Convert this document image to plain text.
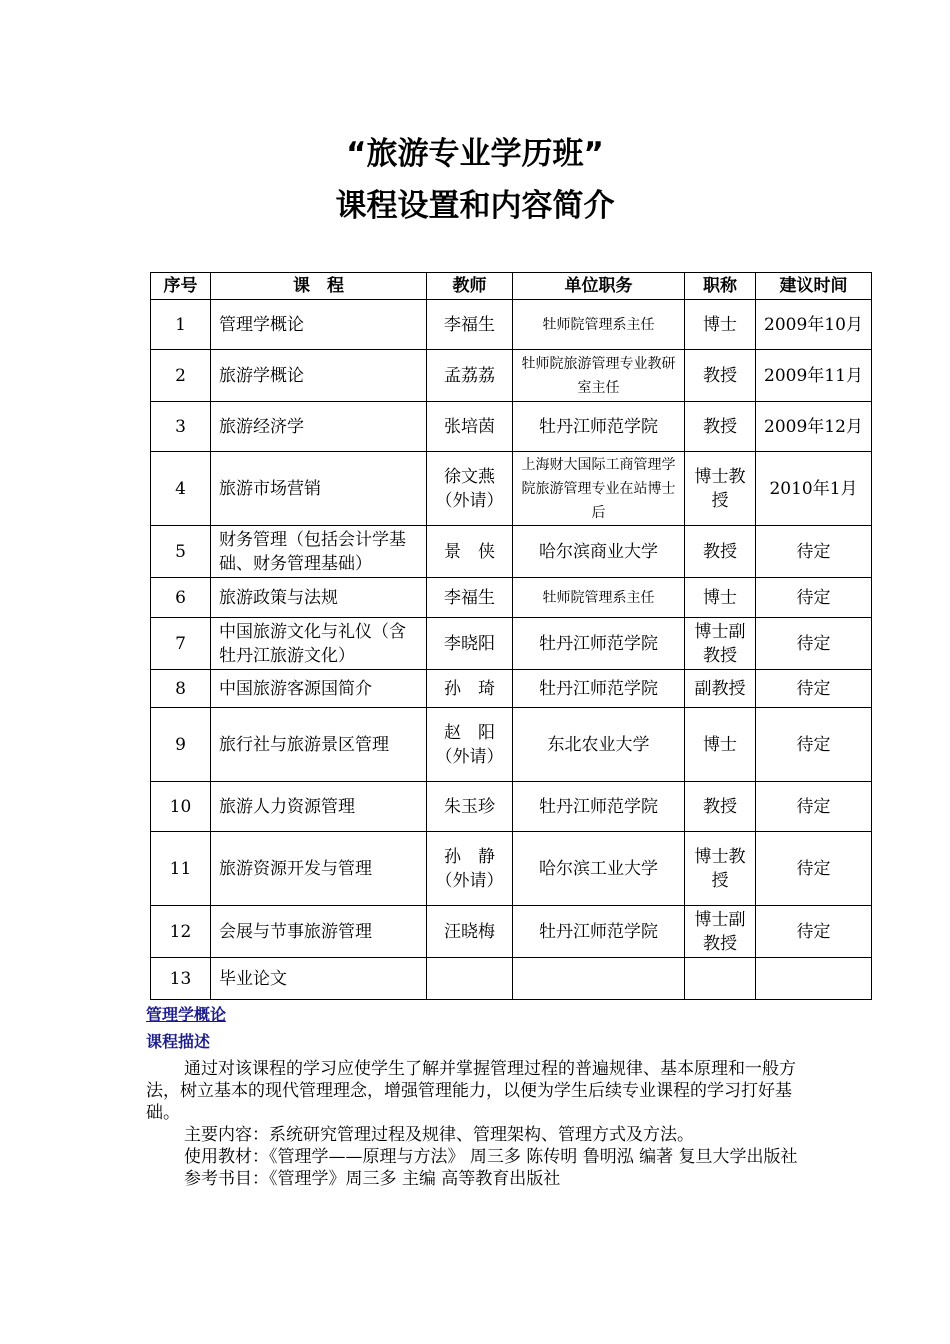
“旅游专业学历班”
课程设置和内容简介
序号	课　程	教师	单位职务	职称	建议时间
1	管理学概论	李福生	牡师院管理系主任	博士	2009年10月
2	旅游学概论	孟荔荔	牡师院旅游管理专业教研室主任	教授	2009年11月
3	旅游经济学	张培茵	牡丹江师范学院	教授	2009年12月
4	旅游市场营销	徐文燕（外请）	上海财大国际工商管理学院旅游管理专业在站博士后	博士教授	2010年1月
5	财务管理（包括会计学基础、财务管理基础）	景　侠	哈尔滨商业大学	教授	待定
6	旅游政策与法规	李福生	牡师院管理系主任	博士	待定
7	中国旅游文化与礼仪（含牡丹江旅游文化）	李晓阳	牡丹江师范学院	博士副教授	待定
8	中国旅游客源国简介	孙　琦	牡丹江师范学院	副教授	待定
9	旅行社与旅游景区管理	赵　阳（外请）	东北农业大学	博士	待定
10	旅游人力资源管理	朱玉珍	牡丹江师范学院	教授	待定
11	旅游资源开发与管理	孙　静（外请）	哈尔滨工业大学	博士教授	待定
12	会展与节事旅游管理	汪晓梅	牡丹江师范学院	博士副教授	待定
13	毕业论文				
管理学概论
课程描述

通过对该课程的学习应使学生了解并掌握管理过程的普遍规律、基本原理和一般方法，树立基本的现代管理理念，增强管理能力，以便为学生后续专业课程的学习打好基础。

主要内容：系统研究管理过程及规律、管理架构、管理方式及方法。

使用教材：《管理学——原理与方法》 周三多 陈传明 鲁明泓 编著 复旦大学出版社

参考书目：《管理学》周三多 主编 高等教育出版社
